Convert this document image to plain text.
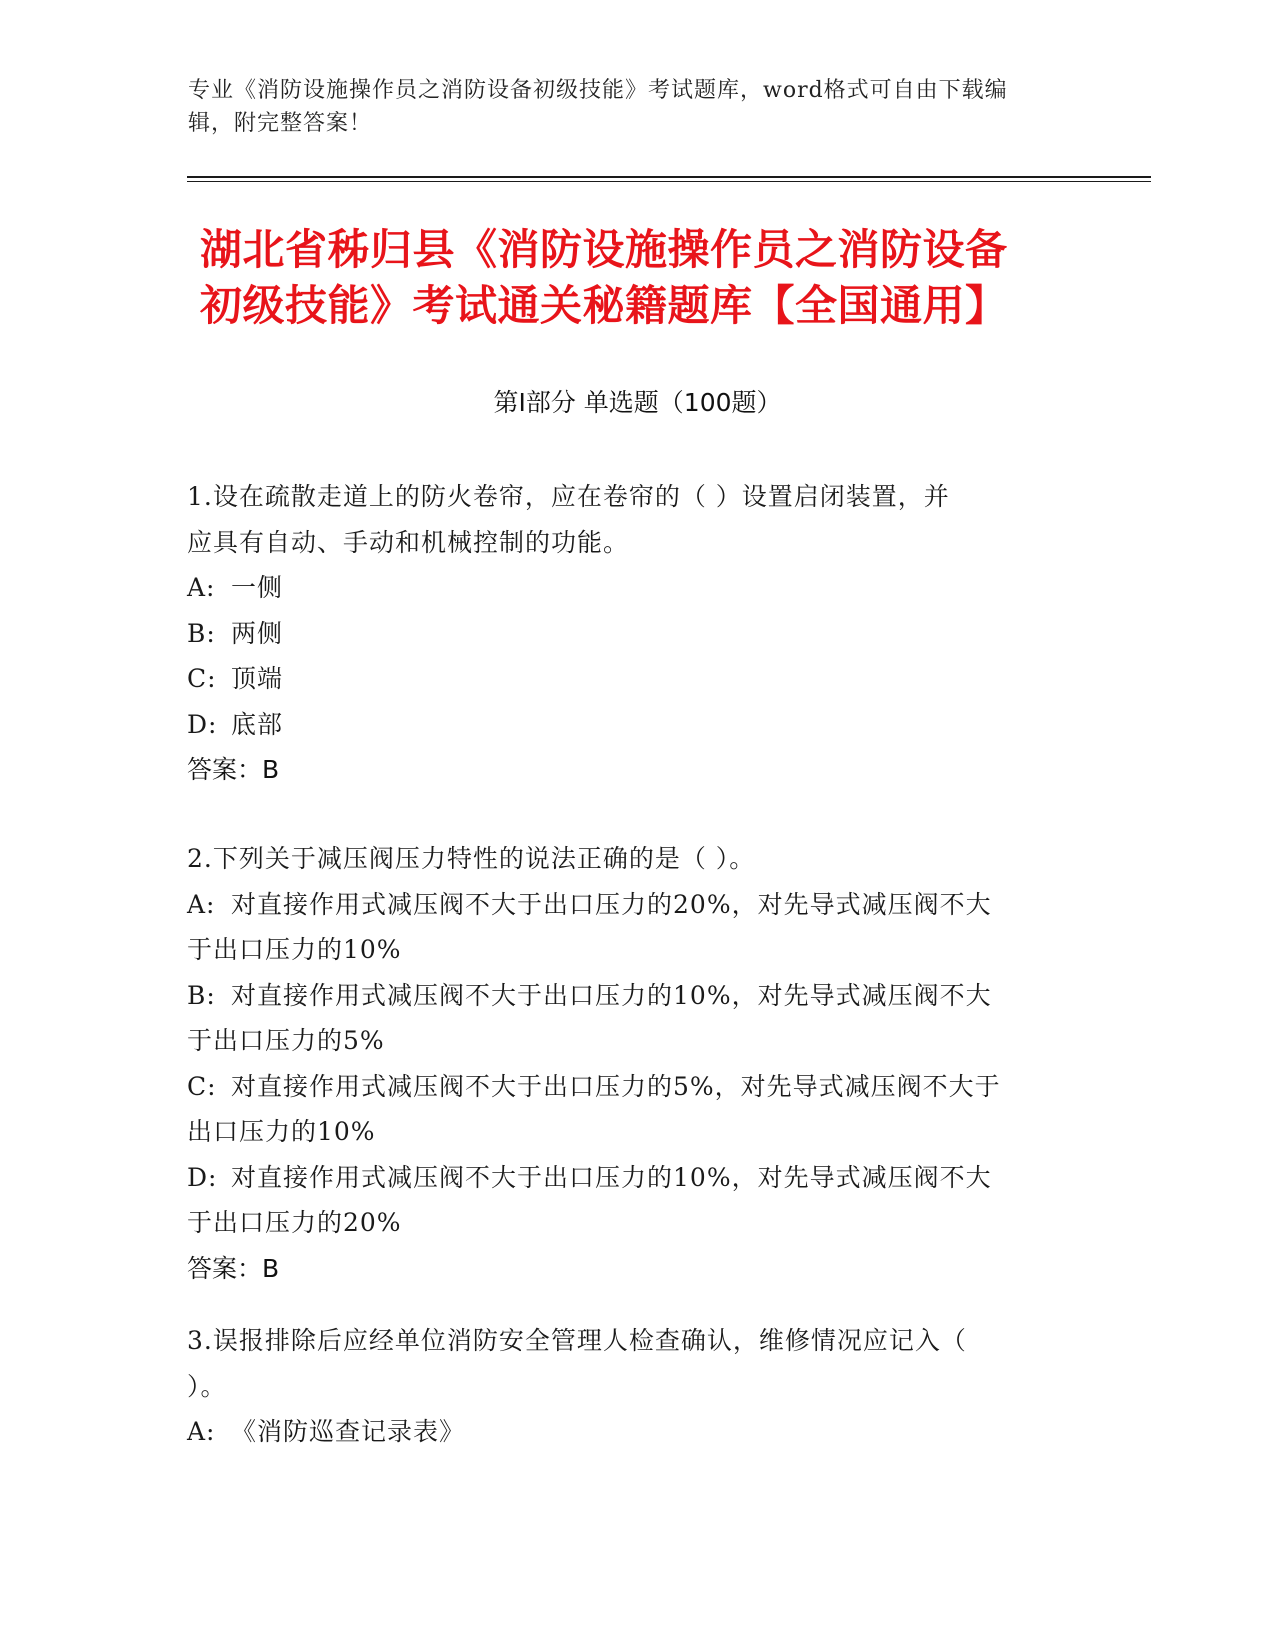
专业《消防设施操作员之消防设备初级技能》考试题库，word格式可自由下载编
辑，附完整答案！
湖北省秭归县《消防设施操作员之消防设备
初级技能》考试通关秘籍题库【全国通用】
第Ⅰ部分 单选题（100题）
1.设在疏散走道上的防火卷帘，应在卷帘的（ ）设置启闭装置，并
应具有自动、手动和机械控制的功能。
A: 一侧
B: 两侧
C: 顶端
D: 底部
答案：B
2.下列关于减压阀压力特性的说法正确的是（ ）。
A: 对直接作用式减压阀不大于出口压力的20%，对先导式减压阀不大
于出口压力的10%
B: 对直接作用式减压阀不大于出口压力的10%，对先导式减压阀不大
于出口压力的5%
C: 对直接作用式减压阀不大于出口压力的5%，对先导式减压阀不大于
出口压力的10%
D: 对直接作用式减压阀不大于出口压力的10%，对先导式减压阀不大
于出口压力的20%
答案：B
3.误报排除后应经单位消防安全管理人检查确认，维修情况应记入（
）。
A: 《消防巡查记录表》
